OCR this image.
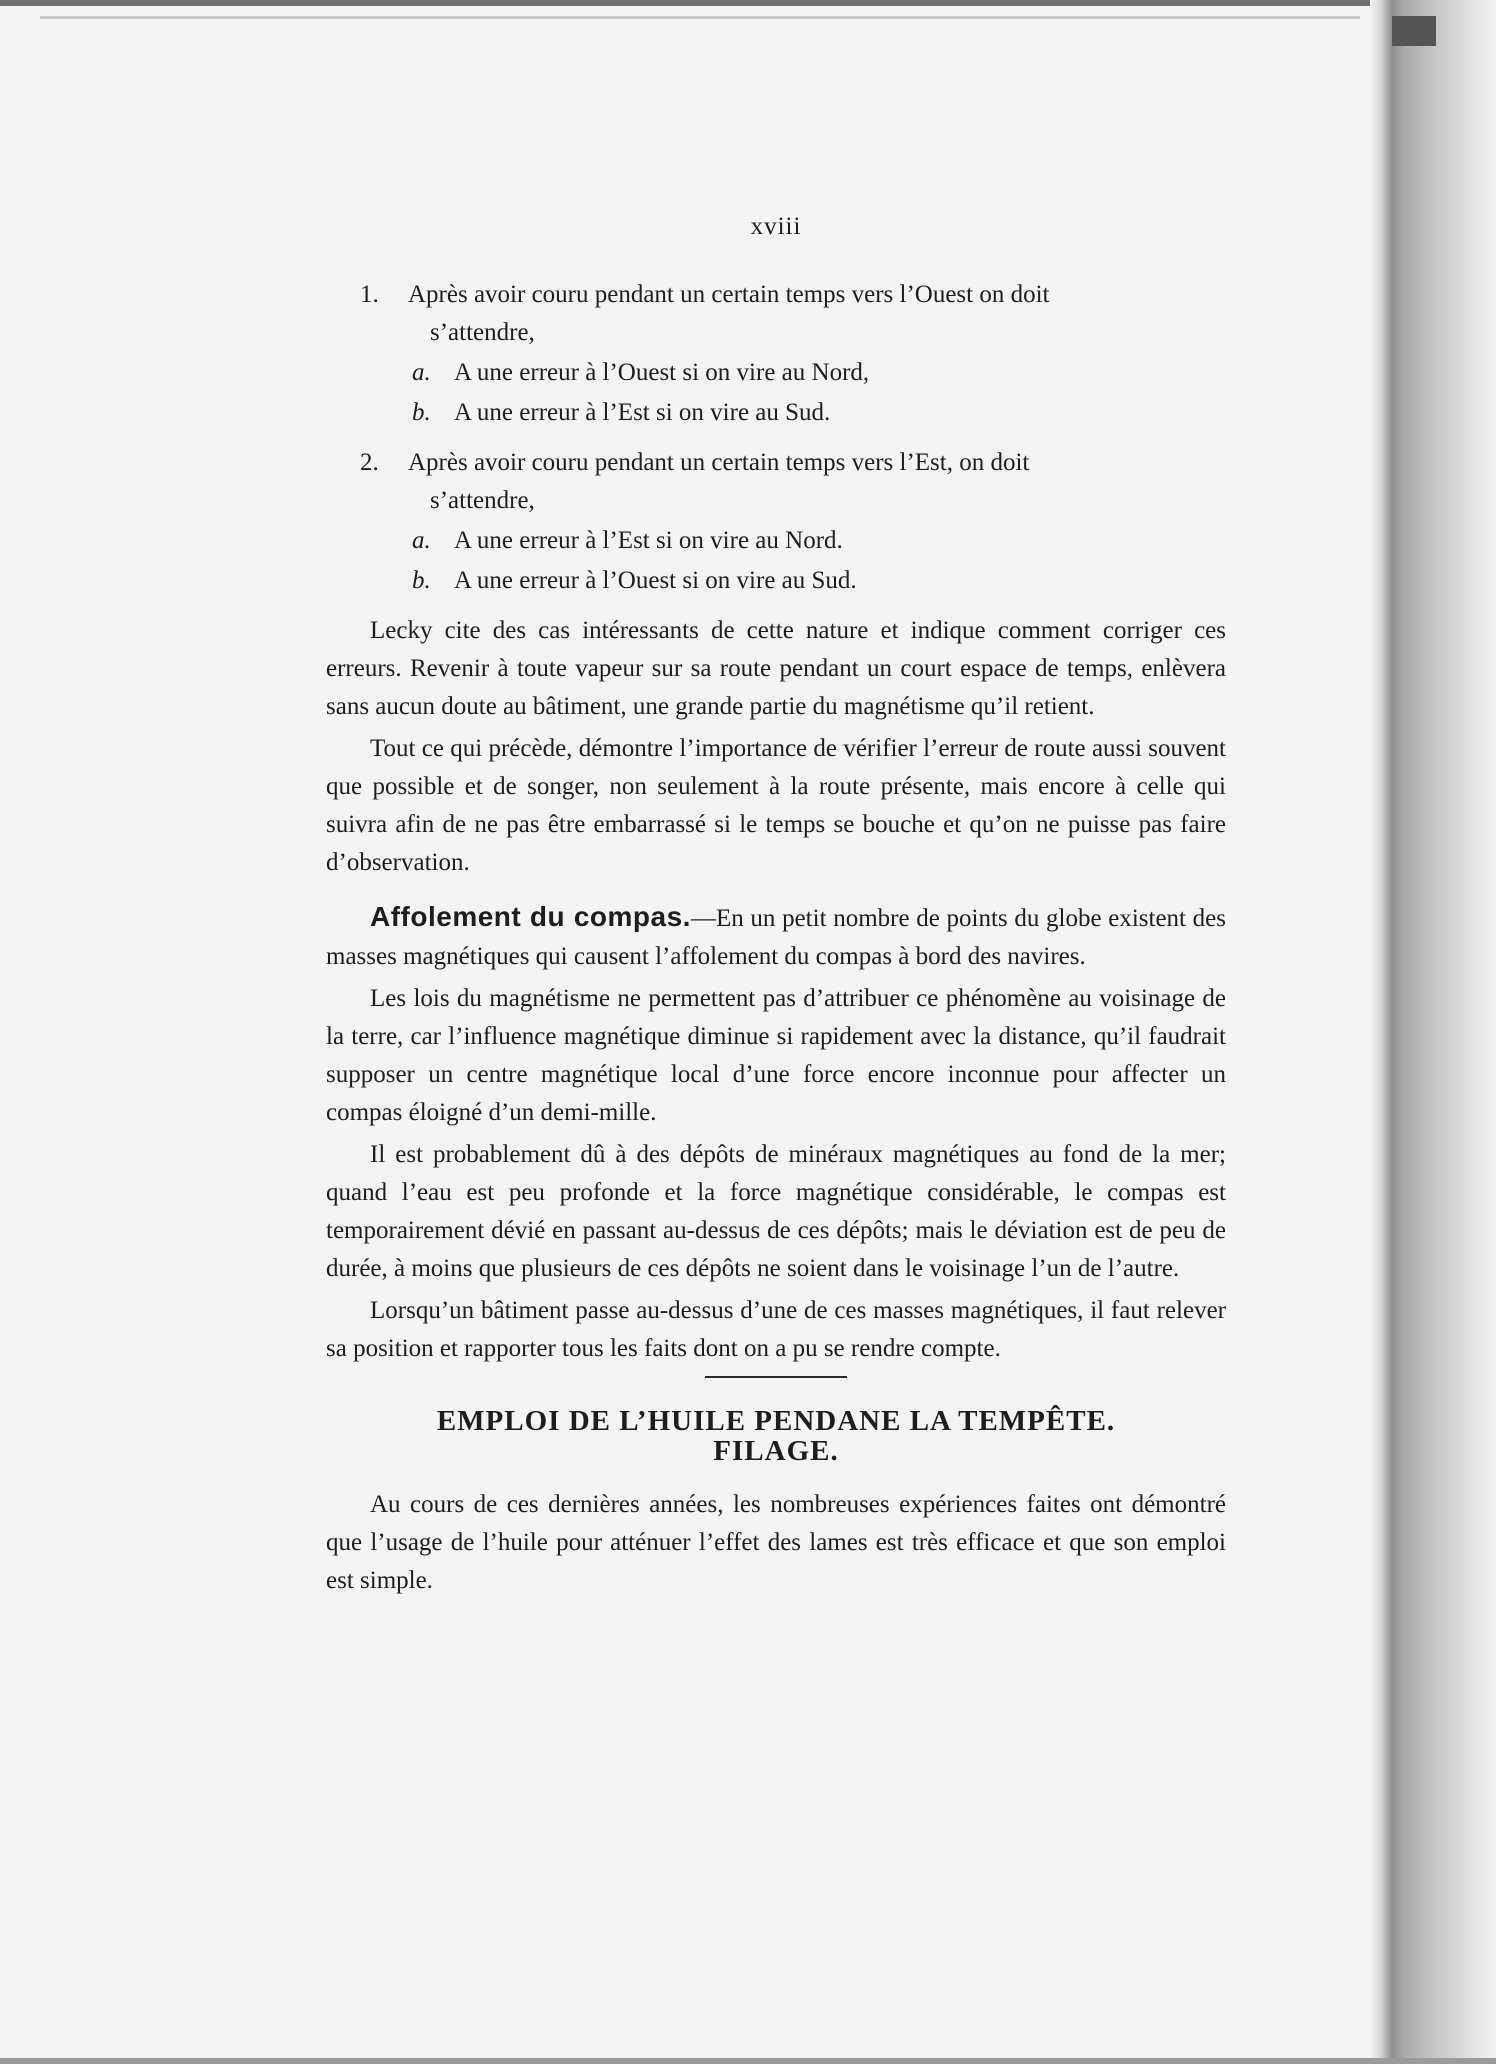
xviii
1. Après avoir couru pendant un certain temps vers l’Ouest on doit
s’attendre,
a. A une erreur à l’Ouest si on vire au Nord,
b. A une erreur à l’Est si on vire au Sud.
2. Après avoir couru pendant un certain temps vers l’Est, on doit
s’attendre,
a. A une erreur à l’Est si on vire au Nord.
b. A une erreur à l’Ouest si on vire au Sud.

Lecky cite des cas intéressants de cette nature et indique comment corriger ces erreurs. Revenir à toute vapeur sur sa route pendant un court espace de temps, enlèvera sans aucun doute au bâtiment, une grande partie du magnétisme qu’il retient.

Tout ce qui précède, démontre l’importance de vérifier l’erreur de route aussi souvent que possible et de songer, non seulement à la route présente, mais encore à celle qui suivra afin de ne pas être embarrassé si le temps se bouche et qu’on ne puisse pas faire d’observation.

Affolement du compas.—En un petit nombre de points du globe existent des masses magnétiques qui causent l’affolement du compas à bord des navires.

Les lois du magnétisme ne permettent pas d’attribuer ce phénomène au voisinage de la terre, car l’influence magnétique diminue si rapidement avec la distance, qu’il faudrait supposer un centre magnétique local d’une force encore inconnue pour affecter un compas éloigné d’un demi-mille.

Il est probablement dû à des dépôts de minéraux magnétiques au fond de la mer; quand l’eau est peu profonde et la force magnétique considérable, le compas est temporairement dévié en passant au-dessus de ces dépôts; mais le déviation est de peu de durée, à moins que plusieurs de ces dépôts ne soient dans le voisinage l’un de l’autre.

Lorsqu’un bâtiment passe au-dessus d’une de ces masses magnétiques, il faut relever sa position et rapporter tous les faits dont on a pu se rendre compte.

EMPLOI DE L’HUILE PENDANE LA TEMPÊTE.
FILAGE.

Au cours de ces dernières années, les nombreuses expériences faites ont démontré que l’usage de l’huile pour atténuer l’effet des lames est très efficace et que son emploi est simple.
